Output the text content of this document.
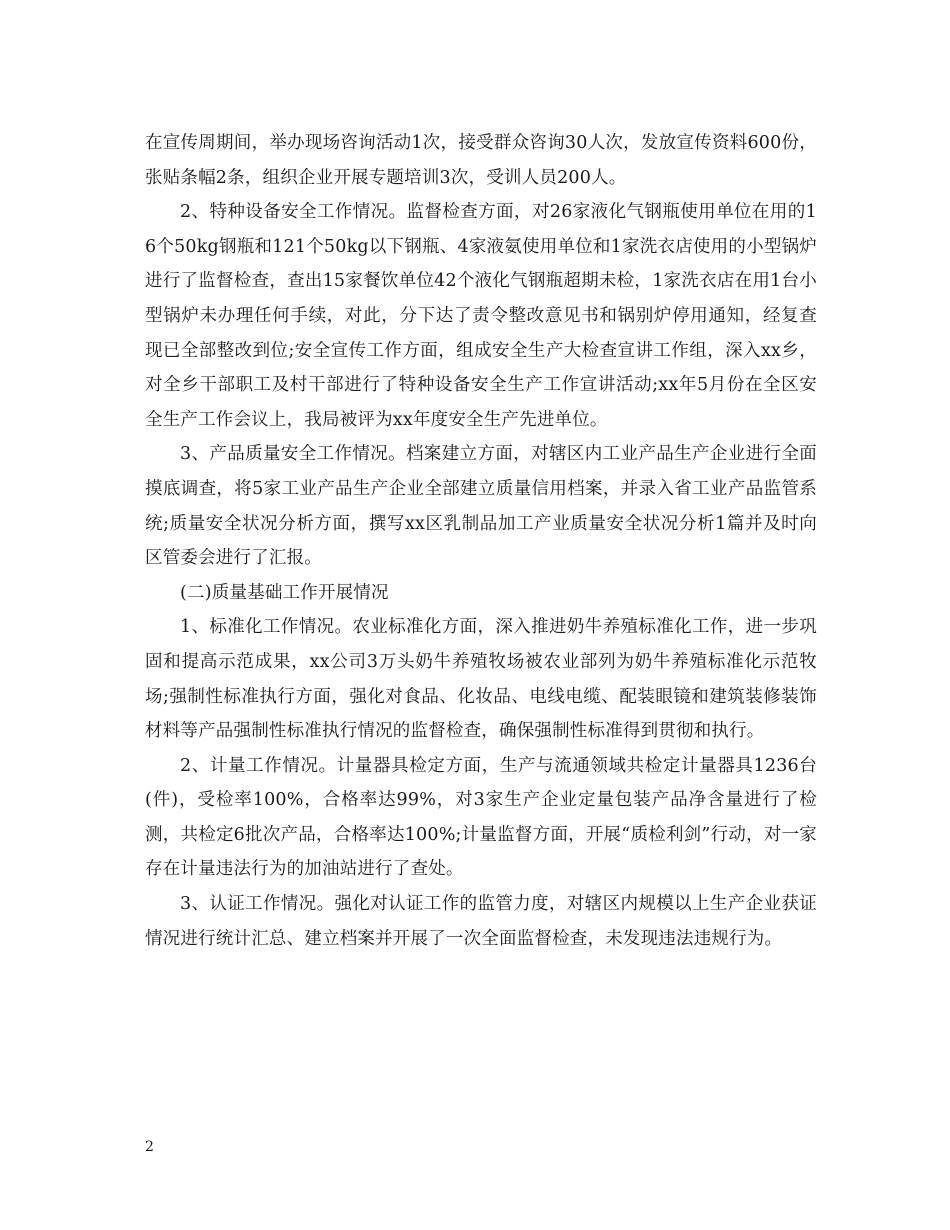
在宣传周期间，举办现场咨询活动1次，接受群众咨询30人次，发放宣传资料600份，张贴条幅2条，组织企业开展专题培训3次，受训人员200人。

2、特种设备安全工作情况。监督检查方面，对26家液化气钢瓶使用单位在用的16个50kg钢瓶和121个50kg以下钢瓶、4家液氨使用单位和1家洗衣店使用的小型锅炉进行了监督检查，查出15家餐饮单位42个液化气钢瓶超期未检，1家洗衣店在用1台小型锅炉未办理任何手续，对此，分下达了责令整改意见书和锅别炉停用通知，经复查现已全部整改到位;安全宣传工作方面，组成安全生产大检查宣讲工作组，深入xx乡，对全乡干部职工及村干部进行了特种设备安全生产工作宣讲活动;xx年5月份在全区安全生产工作会议上，我局被评为xx年度安全生产先进单位。

3、产品质量安全工作情况。档案建立方面，对辖区内工业产品生产企业进行全面摸底调查，将5家工业产品生产企业全部建立质量信用档案，并录入省工业产品监管系统;质量安全状况分析方面，撰写xx区乳制品加工产业质量安全状况分析1篇并及时向区管委会进行了汇报。

(二)质量基础工作开展情况

1、标准化工作情况。农业标准化方面，深入推进奶牛养殖标准化工作，进一步巩固和提高示范成果，xx公司3万头奶牛养殖牧场被农业部列为奶牛养殖标准化示范牧场;强制性标准执行方面，强化对食品、化妆品、电线电缆、配装眼镜和建筑装修装饰材料等产品强制性标准执行情况的监督检查，确保强制性标准得到贯彻和执行。

2、计量工作情况。计量器具检定方面，生产与流通领域共检定计量器具1236台(件)，受检率100%，合格率达99%，对3家生产企业定量包装产品净含量进行了检测，共检定6批次产品，合格率达100%;计量监督方面，开展“质检利剑”行动，对一家存在计量违法行为的加油站进行了查处。

3、认证工作情况。强化对认证工作的监管力度，对辖区内规模以上生产企业获证情况进行统计汇总、建立档案并开展了一次全面监督检查，未发现违法违规行为。

2
